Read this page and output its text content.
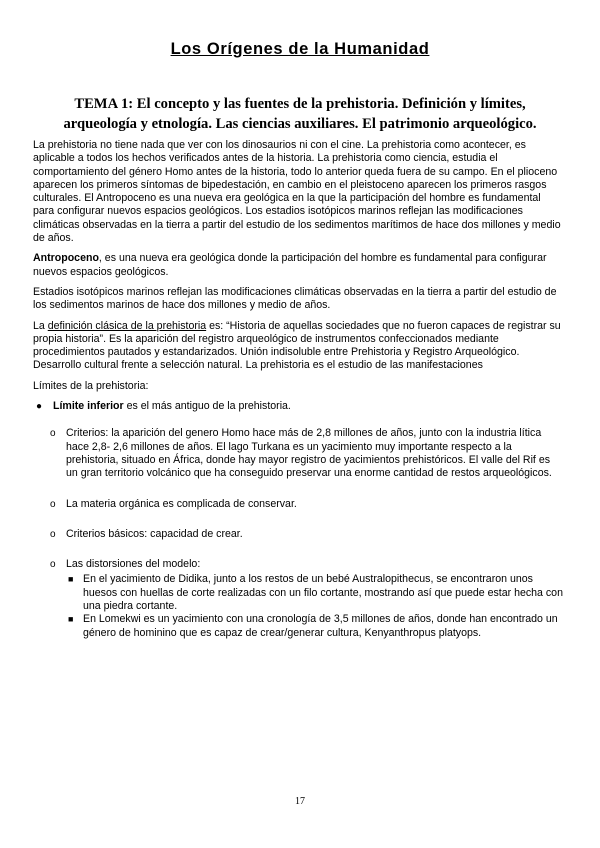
Los Orígenes de la Humanidad
TEMA 1: El concepto y las fuentes de la prehistoria. Definición y límites, arqueología y etnología. Las ciencias auxiliares. El patrimonio arqueológico.

La prehistoria no tiene nada que ver con los dinosaurios ni con el cine. La prehistoria como acontecer, es aplicable a todos los hechos verificados antes de la historia. La prehistoria como ciencia, estudia el comportamiento del género Homo antes de la historia, todo lo anterior queda fuera de su campo. En el plioceno aparecen los primeros síntomas de bipedestación, en cambio en el pleistoceno aparecen los primeros rasgos culturales. El Antropoceno es una nueva era geológica en la que la participación del hombre es fundamental para configurar nuevos espacios geológicos. Los estadios isotópicos marinos reflejan las modificaciones climáticas observadas en la tierra a partir del estudio de los sedimentos marítimos de hace dos millones y medio de años.

Antropoceno, es una nueva era geológica donde la participación del hombre es fundamental para configurar nuevos espacios geológicos.

Estadios isotópicos marinos reflejan las modificaciones climáticas observadas en la tierra a partir del estudio de los sedimentos marinos de hace dos millones y medio de años.

La definición clásica de la prehistoria es: “Historia de aquellas sociedades que no fueron capaces de registrar su propia historia”. Es la aparición del registro arqueológico de instrumentos confeccionados mediante procedimientos pautados y estandarizados. Unión indisoluble entre Prehistoria y Registro Arqueológico. Desarrollo cultural frente a selección natural. La prehistoria es el estudio de las manifestaciones

Límites de la prehistoria:

● Límite inferior es el más antiguo de la prehistoria.
o Criterios: la aparición del genero Homo hace más de 2,8 millones de años, junto con la industria lítica hace 2,8- 2,6 millones de años. El lago Turkana es un yacimiento muy importante respecto a la prehistoria, situado en África, donde hay mayor registro de yacimientos prehistóricos. El valle del Rif es un gran territorio volcánico que ha conseguido preservar una enorme cantidad de restos arqueológicos.
o La materia orgánica es complicada de conservar.
o Criterios básicos: capacidad de crear.
o Las distorsiones del modelo:
■ En el yacimiento de Didika, junto a los restos de un bebé Australopithecus, se encontraron unos huesos con huellas de corte realizadas con un filo cortante, mostrando así que puede estar hecha con una piedra cortante.
■ En Lomekwi es un yacimiento con una cronología de 3,5 millones de años, donde han encontrado un género de hominino que es capaz de crear/generar cultura, Kenyanthropus platyops.
17
